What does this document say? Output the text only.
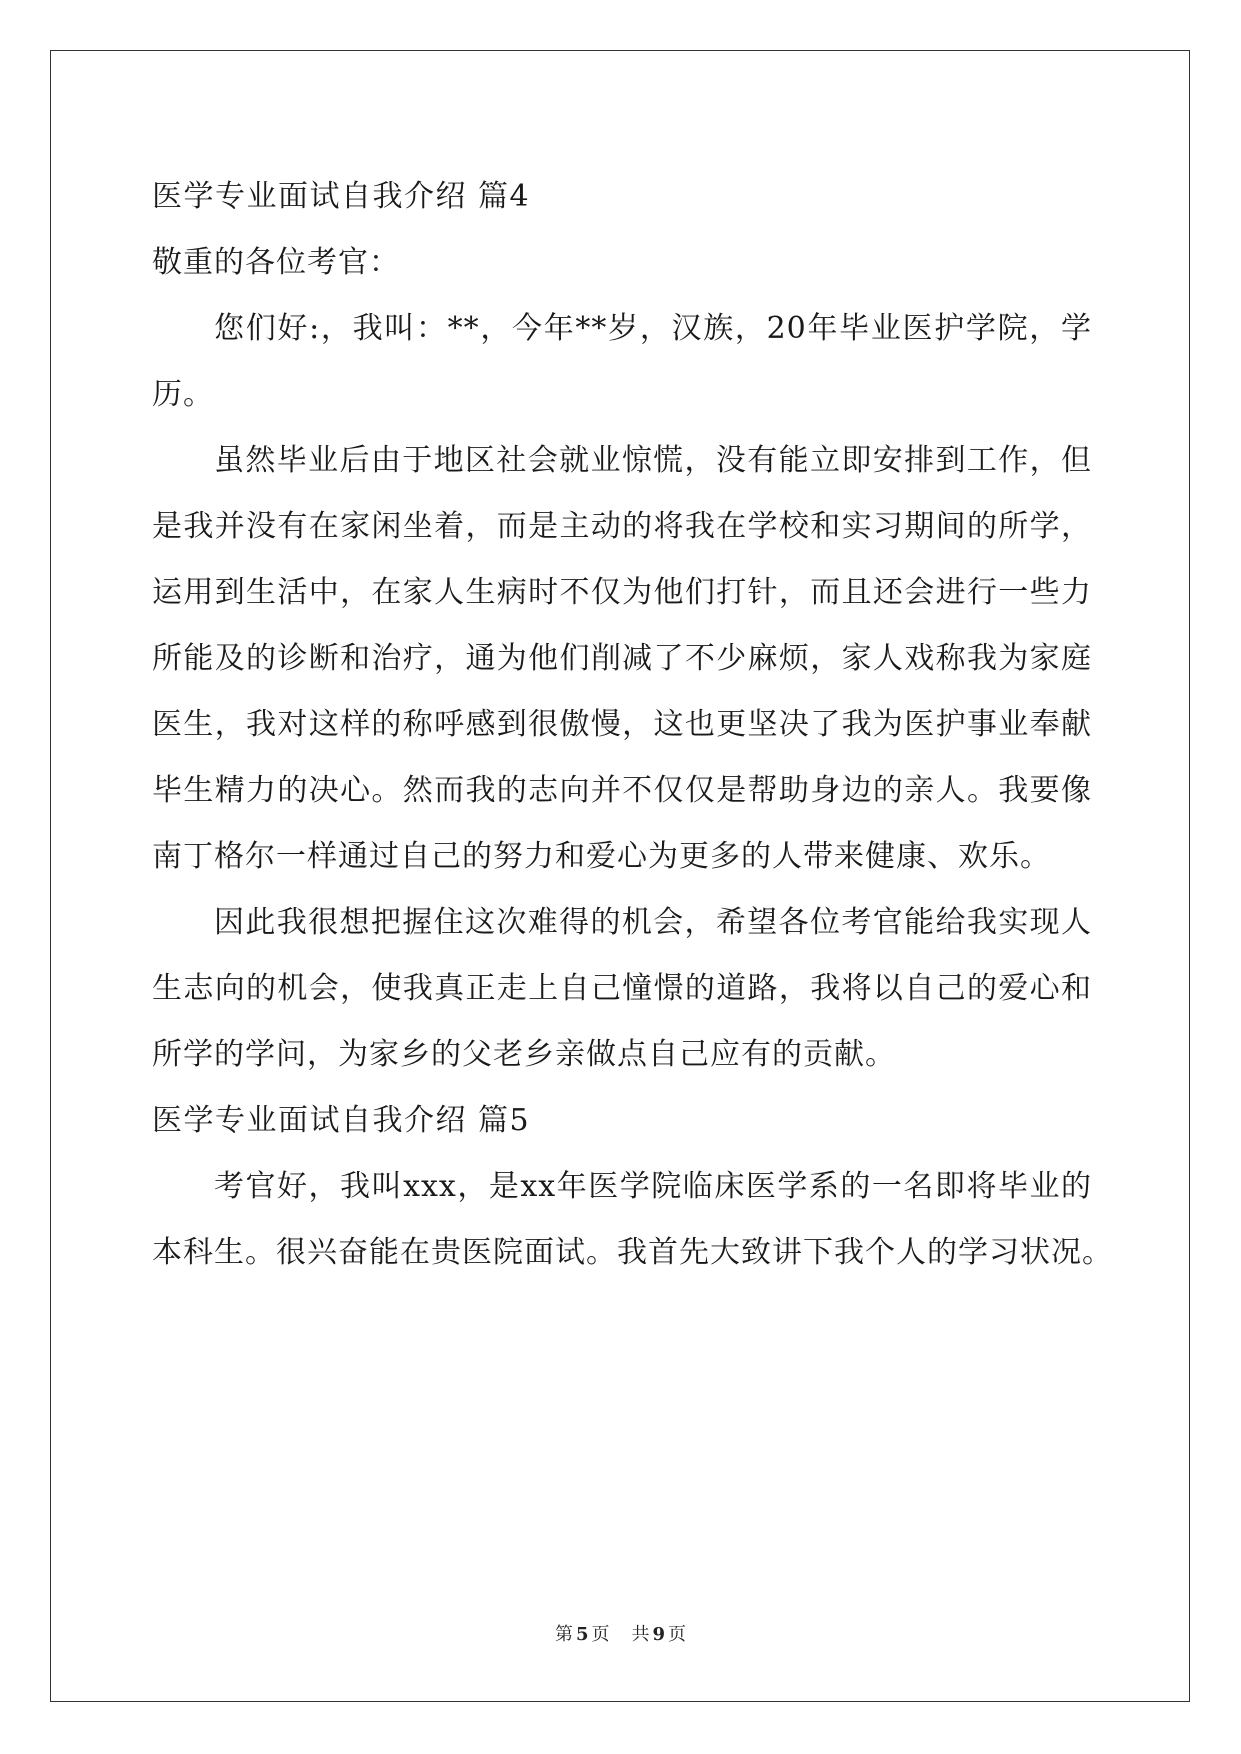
医学专业面试自我介绍 篇4
敬重的各位考官：
您们好:，我叫：**，今年**岁，汉族，20年毕业医护学院，学
历。
虽然毕业后由于地区社会就业惊慌，没有能立即安排到工作，但
是我并没有在家闲坐着，而是主动的将我在学校和实习期间的所学，
运用到生活中，在家人生病时不仅为他们打针，而且还会进行一些力
所能及的诊断和治疗，通为他们削减了不少麻烦，家人戏称我为家庭
医生，我对这样的称呼感到很傲慢，这也更坚决了我为医护事业奉献
毕生精力的决心。然而我的志向并不仅仅是帮助身边的亲人。我要像
南丁格尔一样通过自己的努力和爱心为更多的人带来健康、欢乐。
因此我很想把握住这次难得的机会，希望各位考官能给我实现人
生志向的机会，使我真正走上自己憧憬的道路，我将以自己的爱心和
所学的学问，为家乡的父老乡亲做点自己应有的贡献。
医学专业面试自我介绍 篇5
考官好，我叫xxx，是xx年医学院临床医学系的一名即将毕业的
本科生。很兴奋能在贵医院面试。我首先大致讲下我个人的学习状况。
第 5 页 共 9 页
